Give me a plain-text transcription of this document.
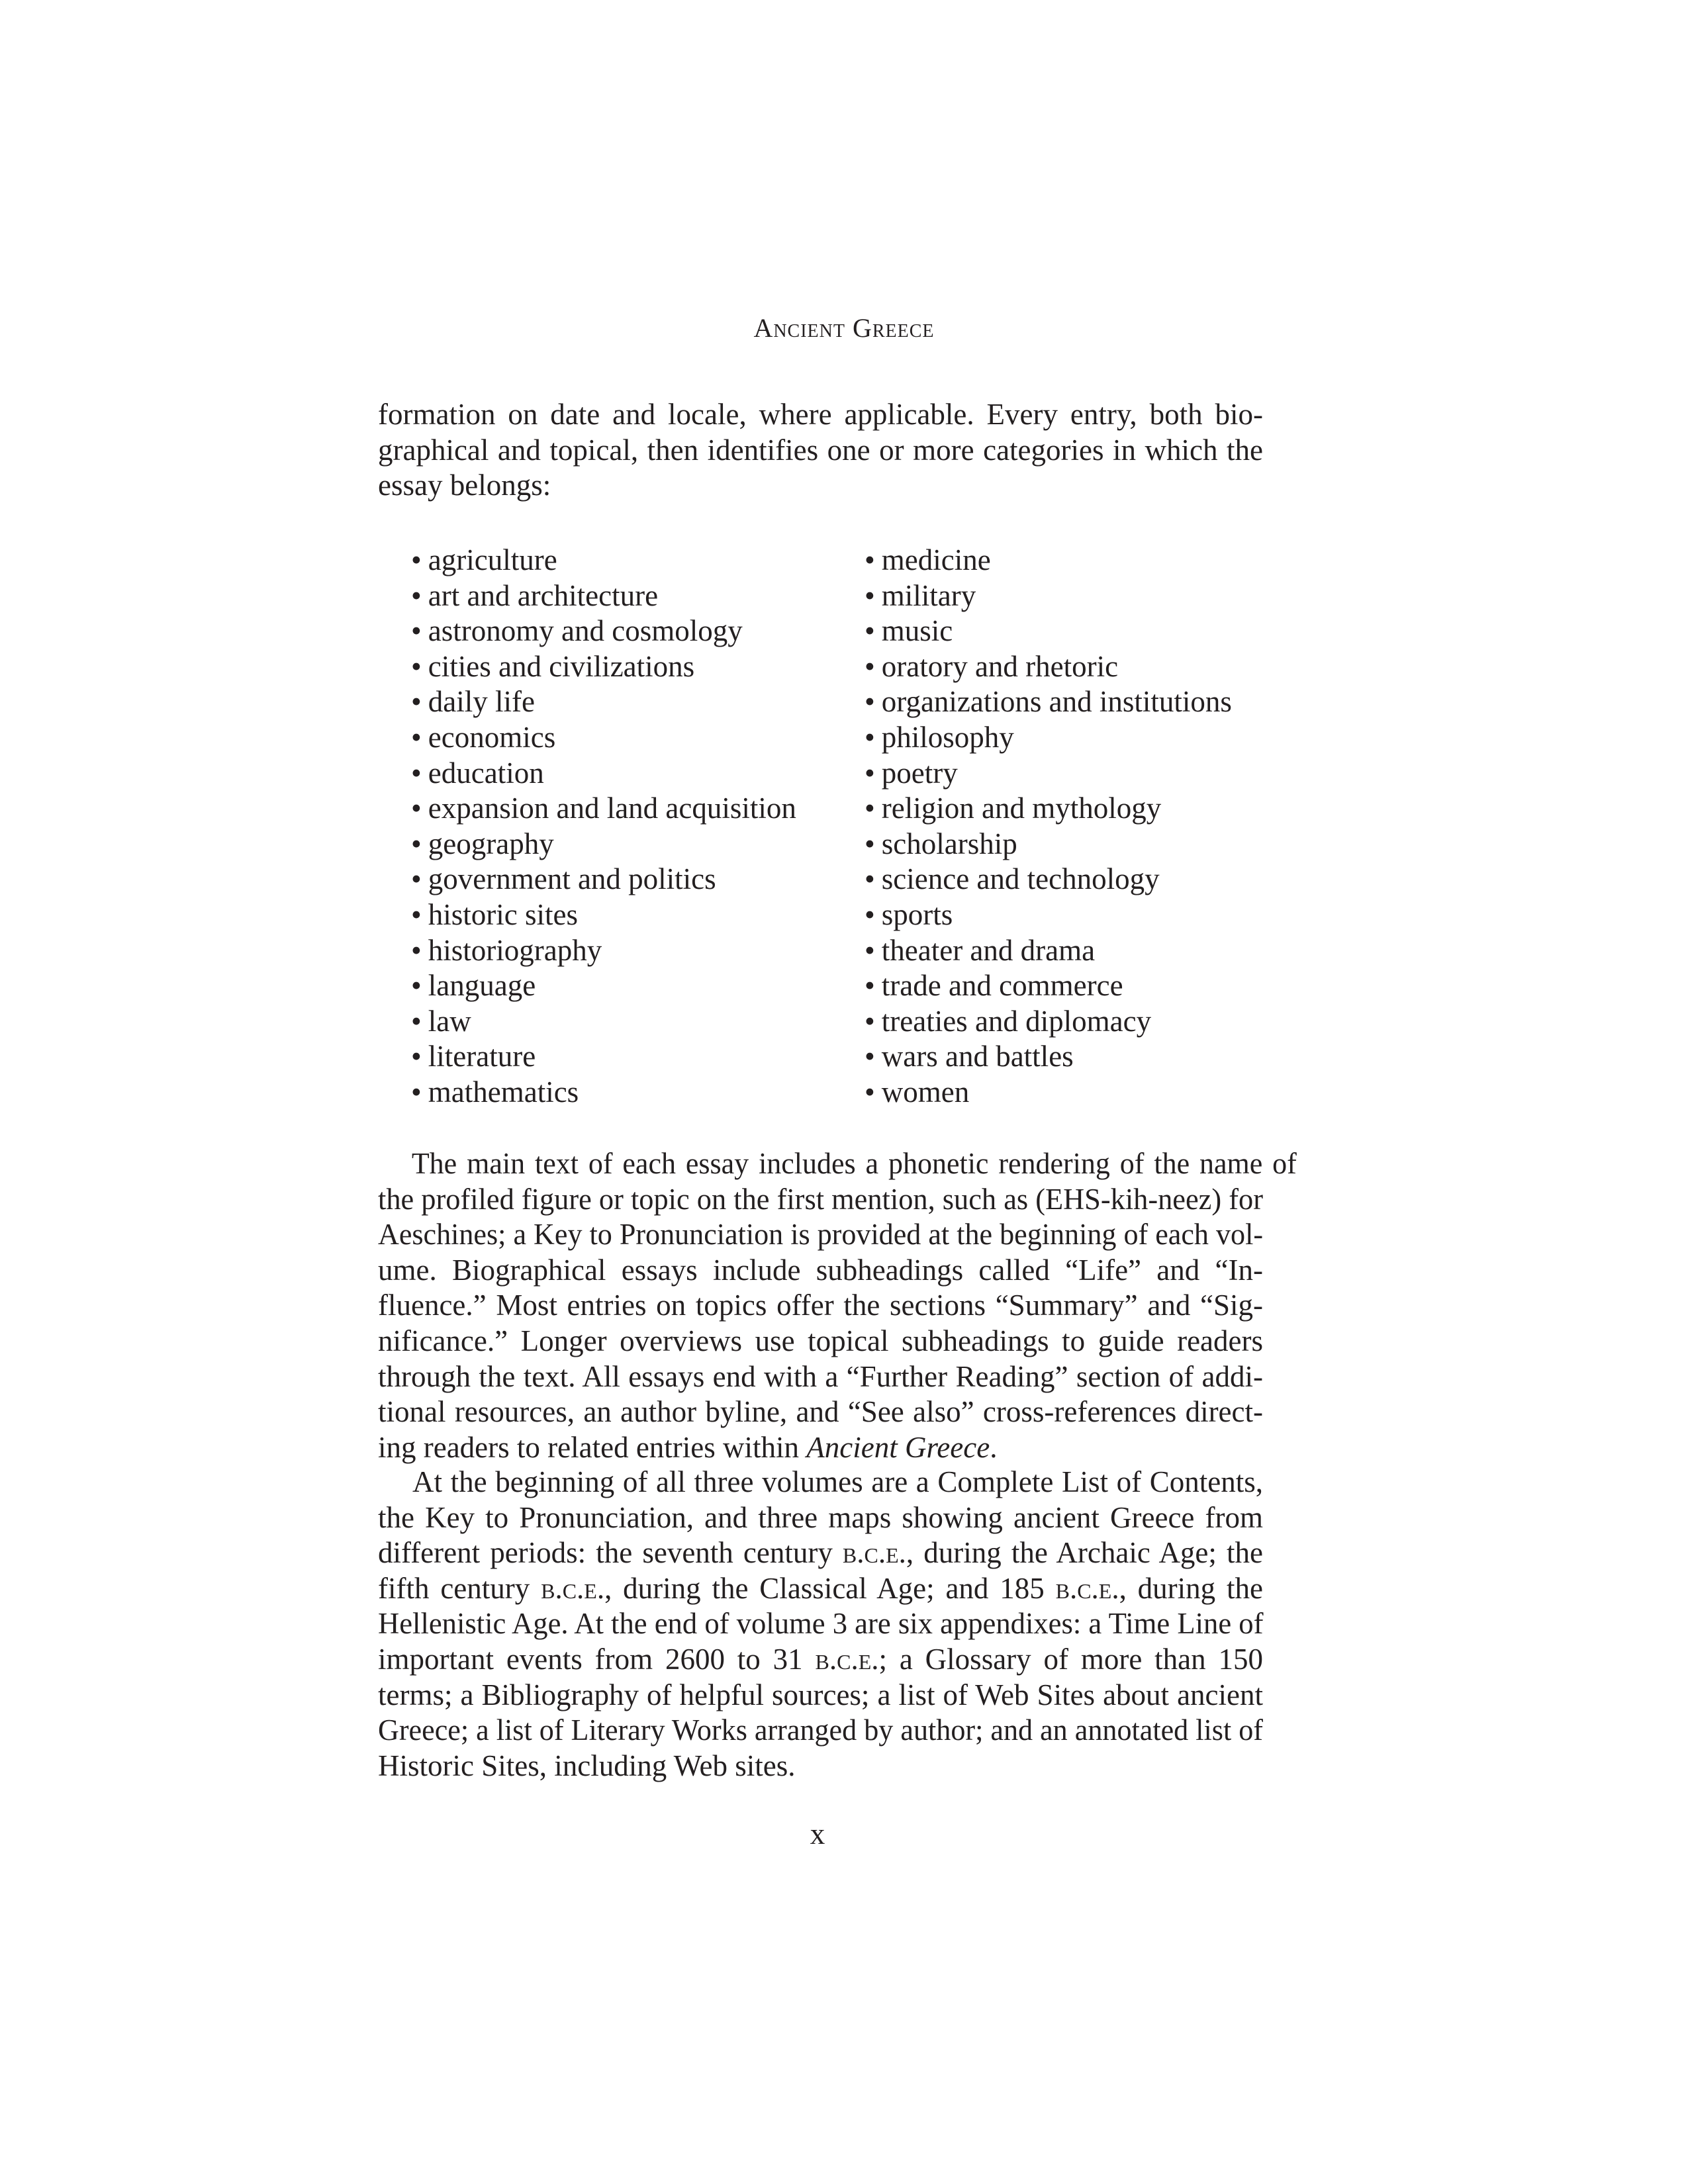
Ancient Greece
formation on date and locale, where applicable. Every entry, both bio-
graphical and topical, then identifies one or more categories in which the
essay belongs:
• agriculture
• art and architecture
• astronomy and cosmology
• cities and civilizations
• daily life
• economics
• education
• expansion and land acquisition
• geography
• government and politics
• historic sites
• historiography
• language
• law
• literature
• mathematics
• medicine
• military
• music
• oratory and rhetoric
• organizations and institutions
• philosophy
• poetry
• religion and mythology
• scholarship
• science and technology
• sports
• theater and drama
• trade and commerce
• treaties and diplomacy
• wars and battles
• women
The main text of each essay includes a phonetic rendering of the name of
the profiled figure or topic on the first mention, such as (EHS-kih-neez) for
Aeschines; a Key to Pronunciation is provided at the beginning of each vol-
ume. Biographical essays include subheadings called “Life” and “In-
fluence.” Most entries on topics offer the sections “Summary” and “Sig-
nificance.” Longer overviews use topical subheadings to guide readers
through the text. All essays end with a “Further Reading” section of addi-
tional resources, an author byline, and “See also” cross-references direct-
ing readers to related entries within Ancient Greece.
At the beginning of all three volumes are a Complete List of Contents,
the Key to Pronunciation, and three maps showing ancient Greece from
different periods: the seventh century b.c.e., during the Archaic Age; the
fifth century b.c.e., during the Classical Age; and 185 b.c.e., during the
Hellenistic Age. At the end of volume 3 are six appendixes: a Time Line of
important events from 2600 to 31 b.c.e.; a Glossary of more than 150
terms; a Bibliography of helpful sources; a list of Web Sites about ancient
Greece; a list of Literary Works arranged by author; and an annotated list of
Historic Sites, including Web sites.
x
